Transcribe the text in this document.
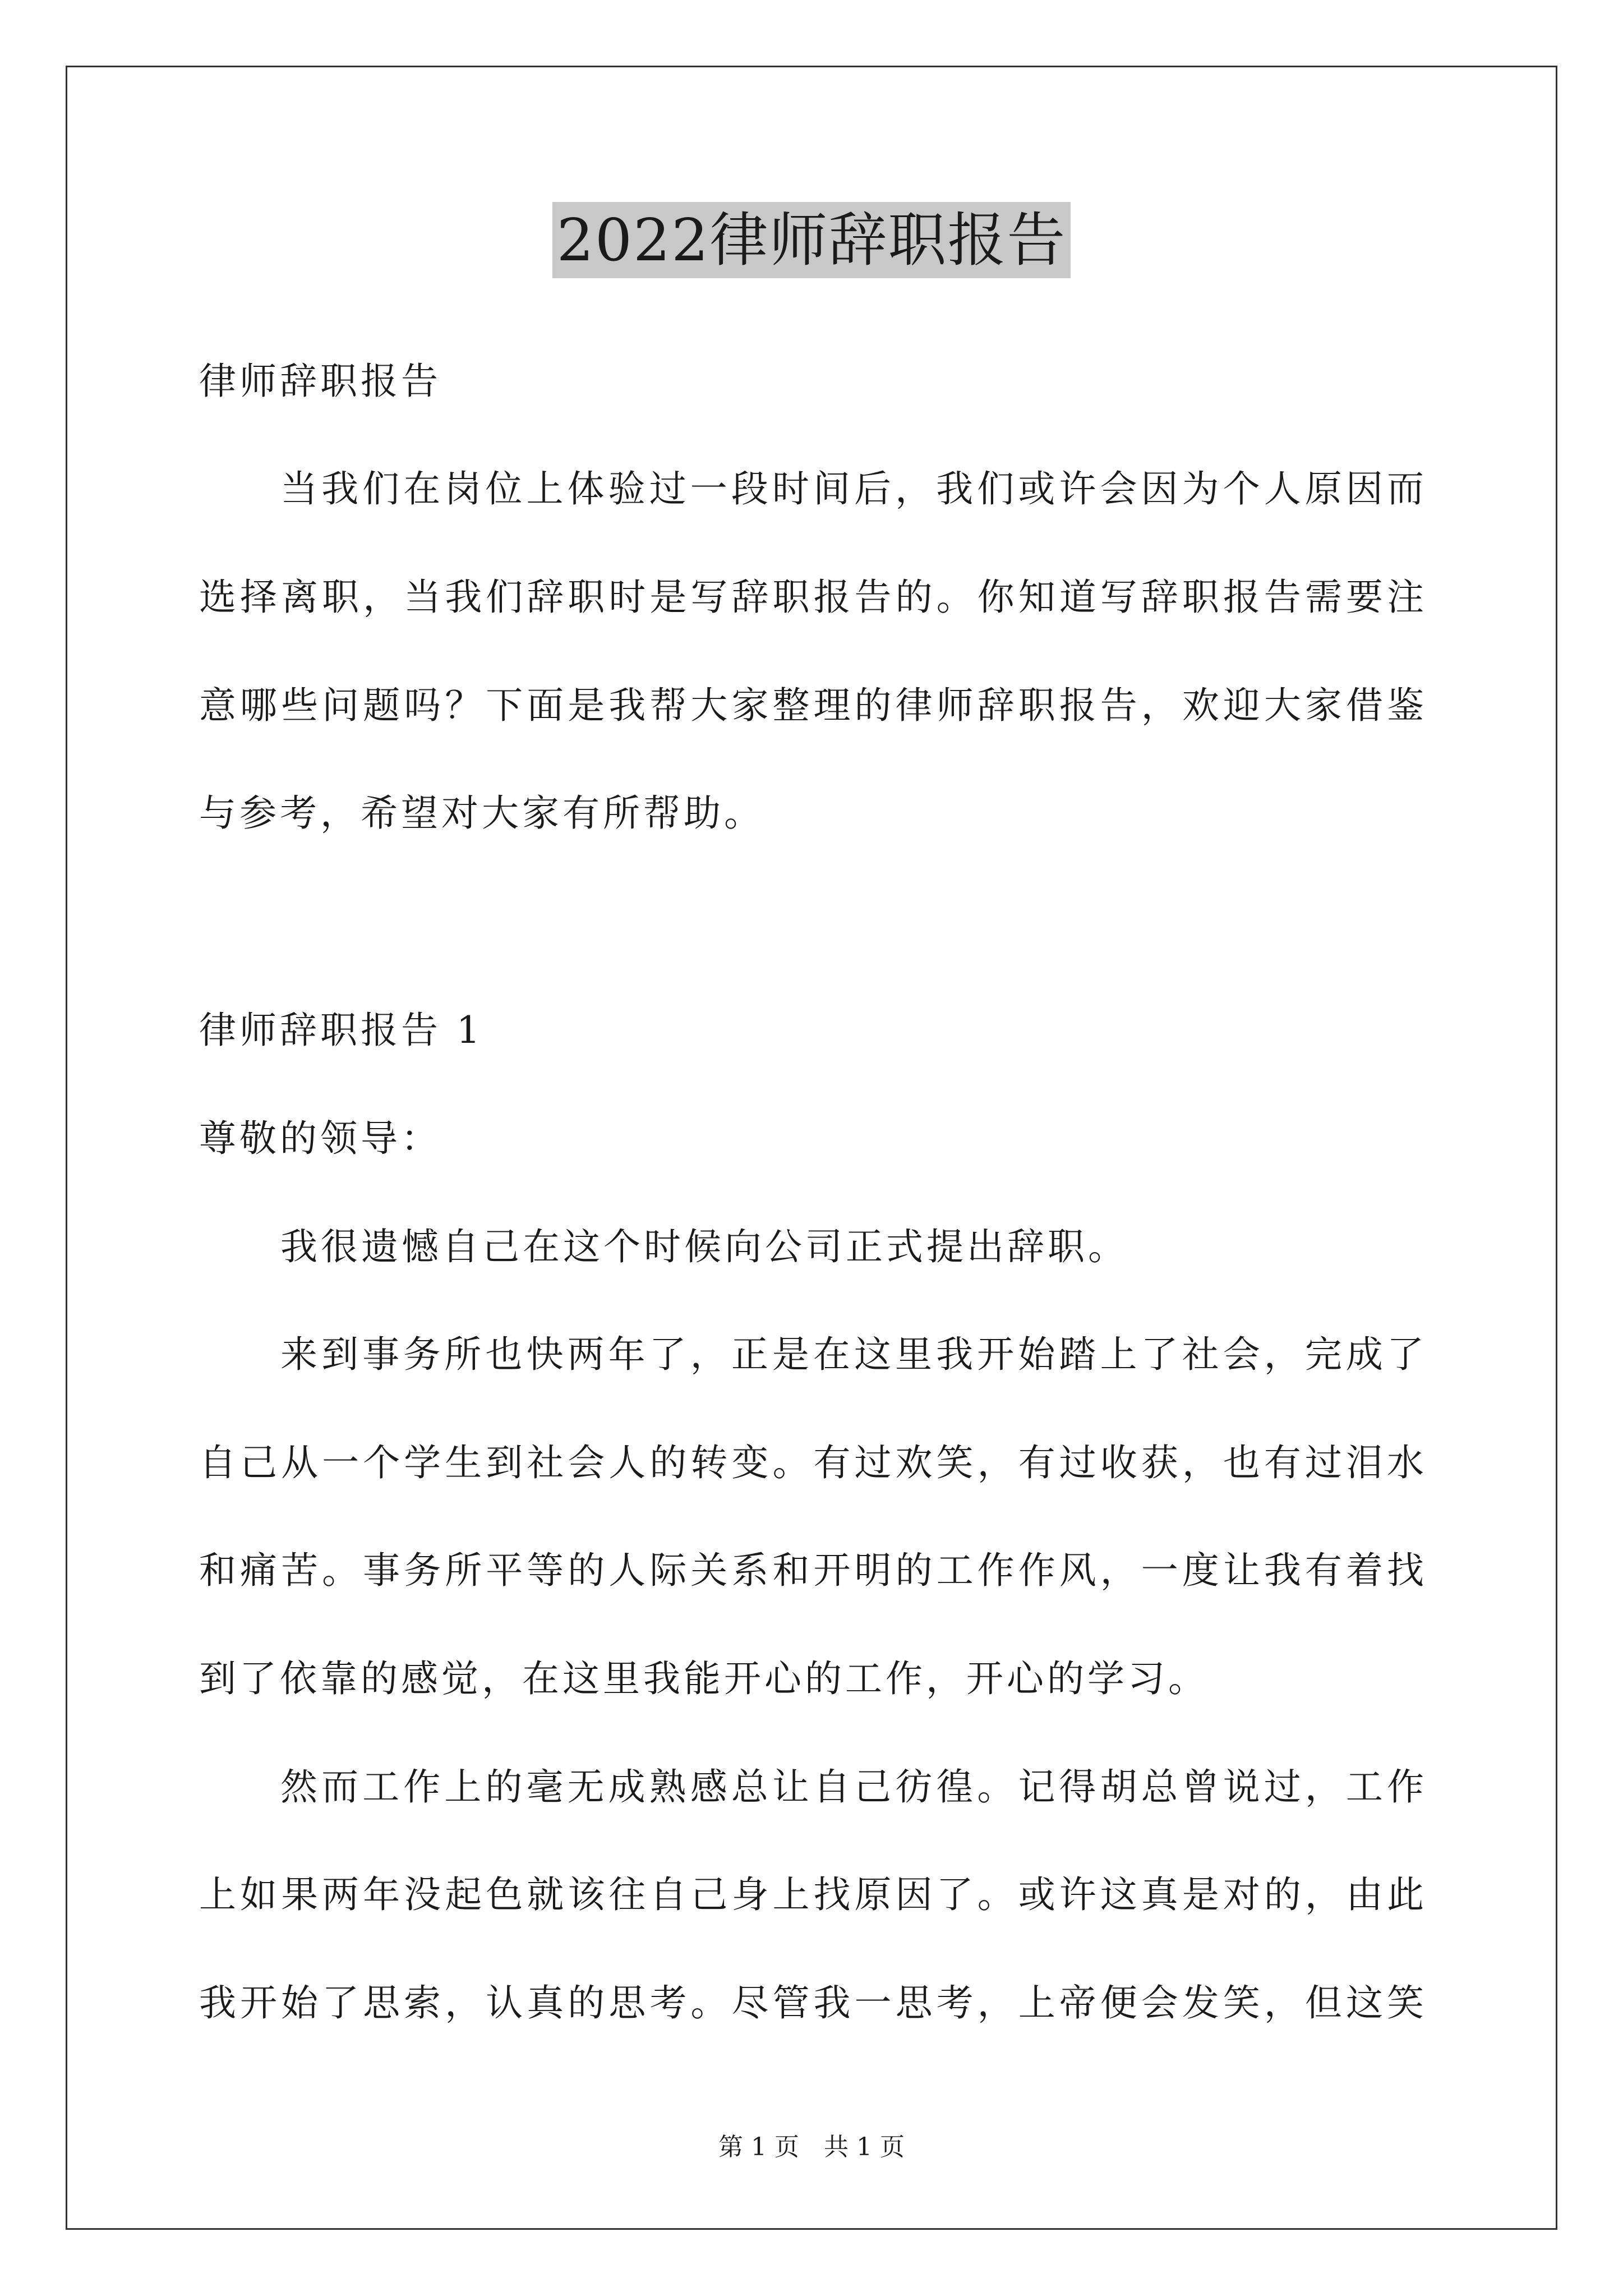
2022律师辞职报告
律师辞职报告
当我们在岗位上体验过一段时间后，我们或许会因为个人原因而
选择离职，当我们辞职时是写辞职报告的。你知道写辞职报告需要注
意哪些问题吗？下面是我帮大家整理的律师辞职报告，欢迎大家借鉴
与参考，希望对大家有所帮助。
律师辞职报告 1
尊敬的领导：
我很遗憾自己在这个时候向公司正式提出辞职。
来到事务所也快两年了，正是在这里我开始踏上了社会，完成了
自己从一个学生到社会人的转变。有过欢笑，有过收获，也有过泪水
和痛苦。事务所平等的人际关系和开明的工作作风，一度让我有着找
到了依靠的感觉，在这里我能开心的工作，开心的学习。
然而工作上的毫无成熟感总让自己彷徨。记得胡总曾说过，工作
上如果两年没起色就该往自己身上找原因了。或许这真是对的，由此
我开始了思索，认真的思考。尽管我一思考，上帝便会发笑，但这笑
第 1 页　共 1 页
